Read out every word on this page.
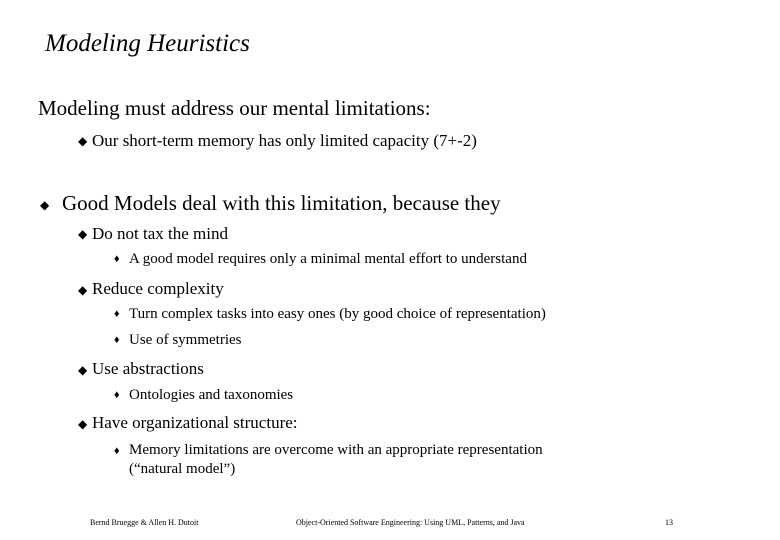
Modeling Heuristics
Modeling must address our mental limitations:
◆ Our short-term memory has only limited capacity (7+-2)
◆ Good Models deal with this limitation, because they
◆ Do not tax the mind
♦ A good model requires only a minimal mental effort to understand
◆ Reduce complexity
♦ Turn complex tasks into easy ones (by good choice of representation)
♦ Use of symmetries
◆ Use abstractions
♦ Ontologies and taxonomies
◆ Have organizational structure:
♦ Memory limitations are overcome with an appropriate representation
(“natural model”)
Bernd Bruegge & Allen H. Dutoit	Object-Oriented Software Engineering: Using UML, Patterns, and Java	13
